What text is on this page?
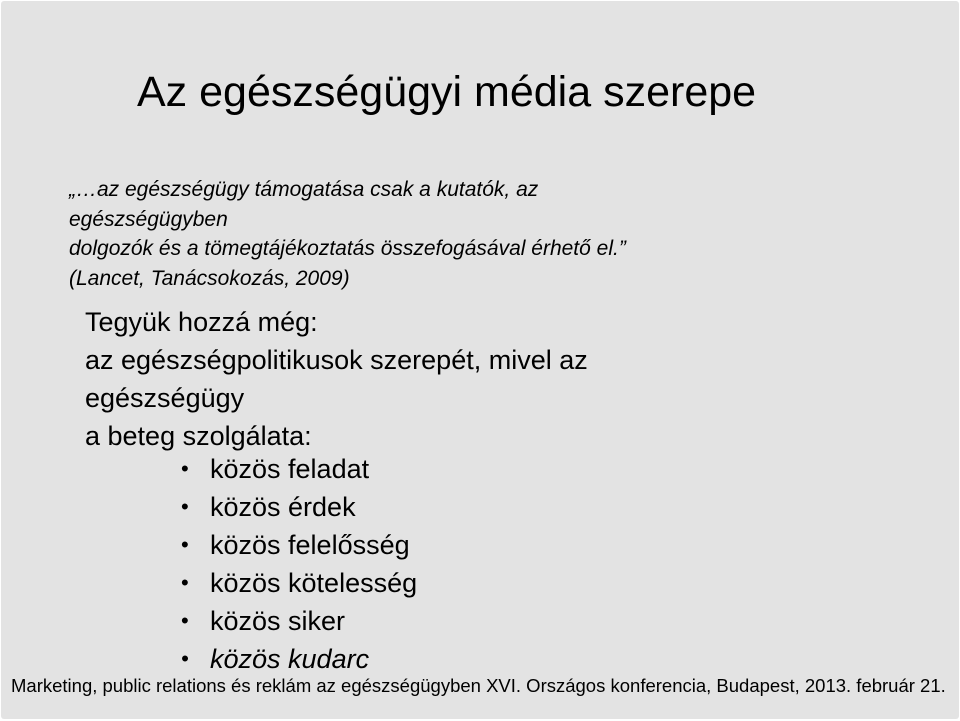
Az egészségügyi média szerepe
„…az egészségügy támogatása csak a kutatók, az
egészségügyben
dolgozók és a tömegtájékoztatás összefogásával érhető el.”
(Lancet, Tanácsokozás, 2009)
Tegyük hozzá még:
az egészségpolitikusok szerepét, mivel az
egészségügy
a beteg szolgálata:
• közös feladat
• közös érdek
• közös felelősség
• közös kötelesség
• közös siker
• közös kudarc
Marketing, public relations és reklám az egészségügyben XVI. Országos konferencia, Budapest, 2013. február 21.
